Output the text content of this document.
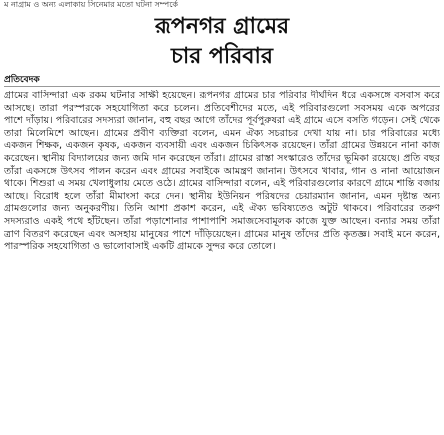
ম নাগ্রাম ও অন্য এলাকায় সিনেমার মতো ঘটনা সম্পর্কে
রূপনগর গ্রামের
চার পরিবার
প্রতিবেদক

গ্রামের বাসিন্দারা এক রকম ঘটনার সাক্ষী হয়েছেন। রূপনগর গ্রামের চার পরিবার দীর্ঘদিন ধরে একসঙ্গে বসবাস করে আসছে। তারা পরস্পরকে সহযোগিতা করে চলেন। প্রতিবেশীদের মতে, এই পরিবারগুলো সবসময় একে অপরের পাশে দাঁড়ায়। পরিবারের সদস্যরা জানান, বহু বছর আগে তাঁদের পূর্বপুরুষরা এই গ্রামে এসে বসতি গড়েন। সেই থেকে তারা মিলেমিশে আছেন। গ্রামের প্রবীণ ব্যক্তিরা বলেন, এমন ঐক্য সচরাচর দেখা যায় না। চার পরিবারের মধ্যে একজন শিক্ষক, একজন কৃষক, একজন ব্যবসায়ী এবং একজন চিকিৎসক রয়েছেন। তাঁরা গ্রামের উন্নয়নে নানা কাজ করেছেন। স্থানীয় বিদ্যালয়ের জন্য জমি দান করেছেন তাঁরা। গ্রামের রাস্তা সংস্কারেও তাঁদের ভূমিকা রয়েছে। প্রতি বছর তাঁরা একসঙ্গে উৎসব পালন করেন এবং গ্রামের সবাইকে আমন্ত্রণ জানান। উৎসবে খাবার, গান ও নানা আয়োজন থাকে। শিশুরা এ সময় খেলাধুলায় মেতে ওঠে। গ্রামের বাসিন্দারা বলেন, এই পরিবারগুলোর কারণে গ্রামে শান্তি বজায় আছে। বিরোধ হলে তাঁরা মীমাংসা করে দেন। স্থানীয় ইউনিয়ন পরিষদের চেয়ারম্যান জানান, এমন দৃষ্টান্ত অন্য গ্রামগুলোর জন্য অনুকরণীয়। তিনি আশা প্রকাশ করেন, এই ঐক্য ভবিষ্যতেও অটুট থাকবে। পরিবারের তরুণ সদস্যরাও একই পথে হাঁটছেন। তাঁরা পড়াশোনার পাশাপাশি সমাজসেবামূলক কাজে যুক্ত আছেন। বন্যার সময় তাঁরা ত্রাণ বিতরণ করেছেন এবং অসহায় মানুষের পাশে দাঁড়িয়েছেন। গ্রামের মানুষ তাঁদের প্রতি কৃতজ্ঞ। সবাই মনে করেন, পারস্পরিক সহযোগিতা ও ভালোবাসাই একটি গ্রামকে সুন্দর করে তোলে।
